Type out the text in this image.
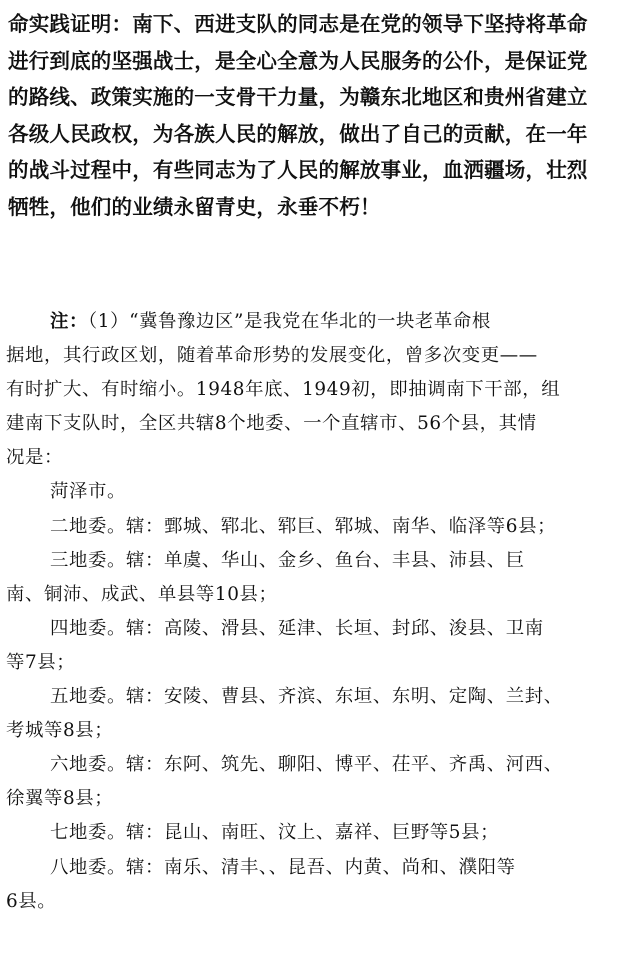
命实践证明：南下、西进支队的同志是在党的领导下坚持将革命
进行到底的坚强战士，是全心全意为人民服务的公仆，是保证党
的路线、政策实施的一支骨干力量，为赣东北地区和贵州省建立
各级人民政权，为各族人民的解放，做出了自己的贡献，在一年
的战斗过程中，有些同志为了人民的解放事业，血洒疆场，壮烈
牺牲，他们的业绩永留青史，永垂不朽！
注：（1）“冀鲁豫边区”是我党在华北的一块老革命根
据地，其行政区划，随着革命形势的发展变化，曾多次变更——
有时扩大、有时缩小。1948年底、1949初，即抽调南下干部，组
建南下支队时，全区共辖8个地委、一个直辖市、56个县，其情
况是：
菏泽市。
二地委。辖：鄄城、郓北、郓巨、郓城、南华、临泽等6县；
三地委。辖：单虞、华山、金乡、鱼台、丰县、沛县、巨
南、铜沛、成武、单县等10县；
四地委。辖：高陵、滑县、延津、长垣、封邱、浚县、卫南
等7县；
五地委。辖：安陵、曹县、齐滨、东垣、东明、定陶、兰封、
考城等8县；
六地委。辖：东阿、筑先、聊阳、博平、茌平、齐禹、河西、
徐翼等8县；
七地委。辖：昆山、南旺、汶上、嘉祥、巨野等5县；
八地委。辖：南乐、清丰、、昆吾、内黄、尚和、濮阳等
6县。
